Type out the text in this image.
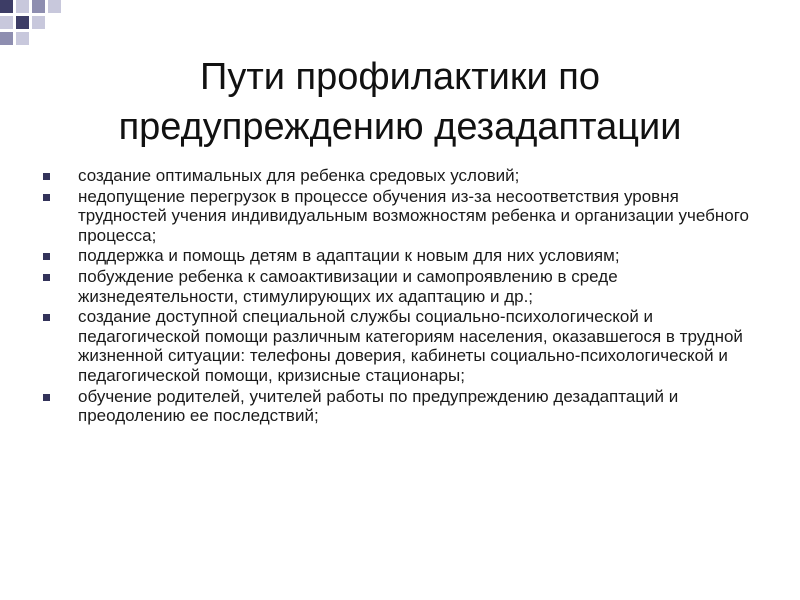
Пути профилактики по
предупреждению дезадаптации
создание оптимальных для ребенка средовых условий;
недопущение перегрузок в процессе обучения из-за несоответствия уровня трудностей учения индивидуальным возможностям ребенка и организации учебного процесса;
поддержка и помощь детям в адаптации к новым для них условиям;
побуждение ребенка к самоактивизации и самопроявлению в среде жизнедеятельности, стимулирующих их адаптацию и др.;
создание доступной специальной службы социально-психологической и педагогической помощи различным категориям населения, оказавшегося в трудной жизненной ситуации: телефоны доверия, кабинеты социально-психологической и педагогической помощи, кризисные стационары;
обучение родителей, учителей работы по предупреждению дезадаптаций и преодолению ее последствий;
